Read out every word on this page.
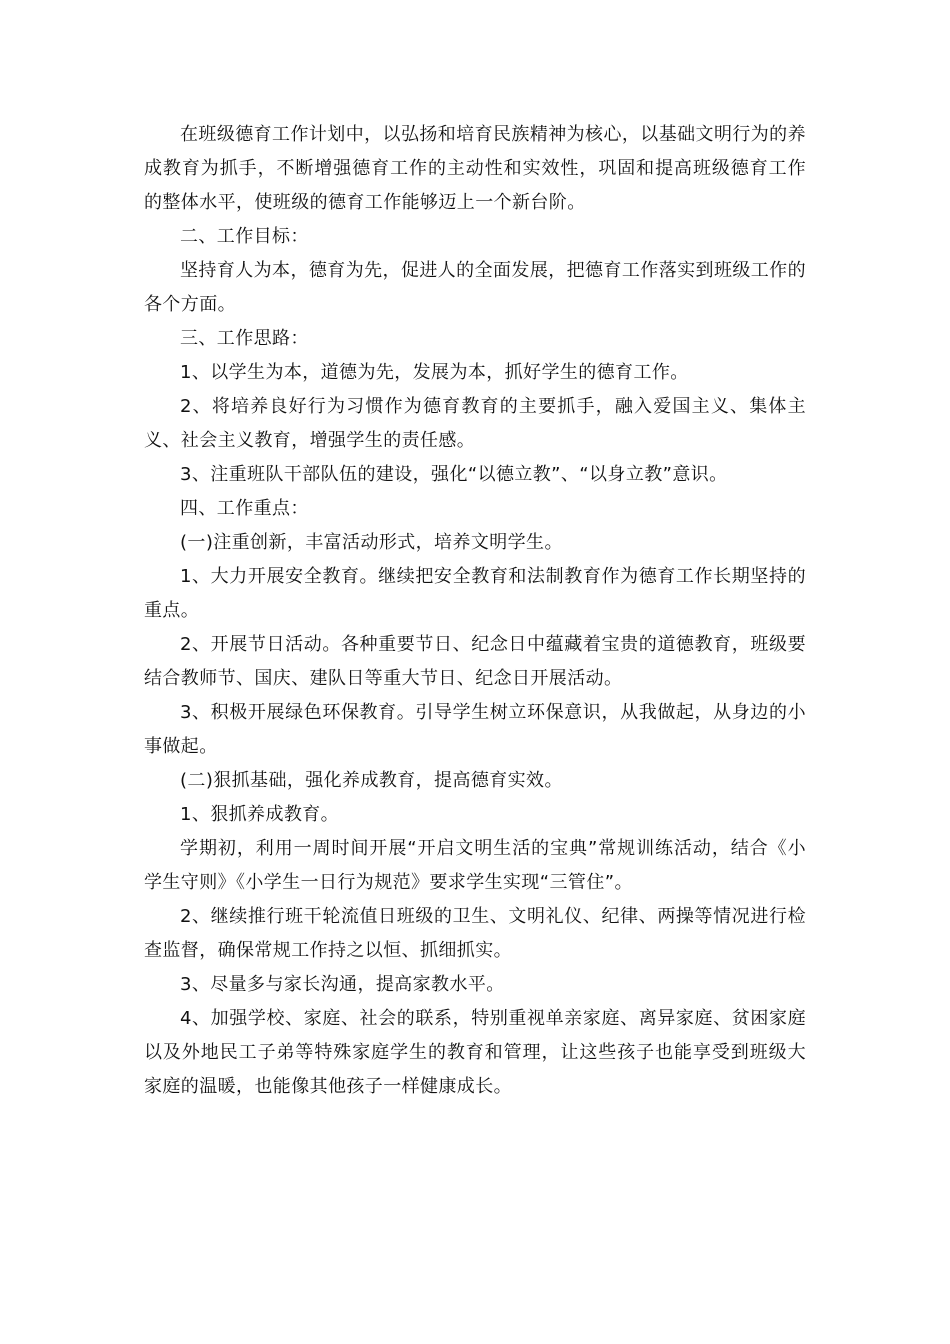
在班级德育工作计划中，以弘扬和培育民族精神为核心，以基础文明行为的养成教育为抓手，不断增强德育工作的主动性和实效性，巩固和提高班级德育工作的整体水平，使班级的德育工作能够迈上一个新台阶。

二、工作目标：

坚持育人为本，德育为先，促进人的全面发展，把德育工作落实到班级工作的各个方面。

三、工作思路：

1、以学生为本，道德为先，发展为本，抓好学生的德育工作。

2、将培养良好行为习惯作为德育教育的主要抓手，融入爱国主义、集体主义、社会主义教育，增强学生的责任感。

3、注重班队干部队伍的建设，强化“以德立教”、“以身立教”意识。

四、工作重点：

(一)注重创新，丰富活动形式，培养文明学生。

1、大力开展安全教育。继续把安全教育和法制教育作为德育工作长期坚持的重点。

2、开展节日活动。各种重要节日、纪念日中蕴藏着宝贵的道德教育，班级要结合教师节、国庆、建队日等重大节日、纪念日开展活动。

3、积极开展绿色环保教育。引导学生树立环保意识，从我做起，从身边的小事做起。

(二)狠抓基础，强化养成教育，提高德育实效。

1、狠抓养成教育。

学期初，利用一周时间开展“开启文明生活的宝典”常规训练活动，结合《小学生守则》《小学生一日行为规范》要求学生实现“三管住”。

2、继续推行班干轮流值日班级的卫生、文明礼仪、纪律、两操等情况进行检查监督，确保常规工作持之以恒、抓细抓实。

3、尽量多与家长沟通，提高家教水平。

4、加强学校、家庭、社会的联系，特别重视单亲家庭、离异家庭、贫困家庭以及外地民工子弟等特殊家庭学生的教育和管理，让这些孩子也能享受到班级大家庭的温暖，也能像其他孩子一样健康成长。
